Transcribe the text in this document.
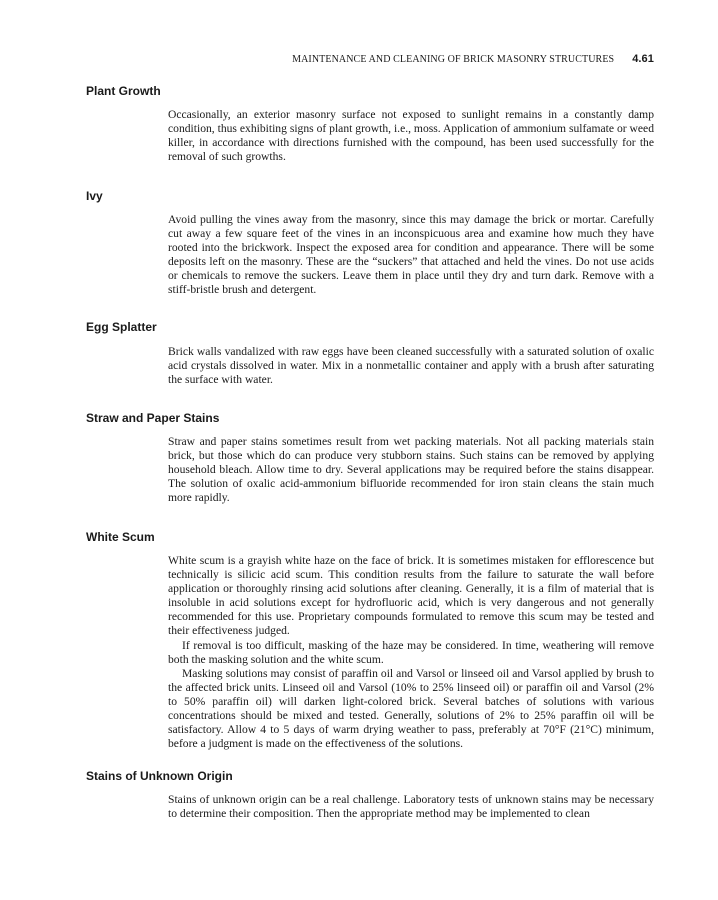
MAINTENANCE AND CLEANING OF BRICK MASONRY STRUCTURES 4.61
Plant Growth

Occasionally, an exterior masonry surface not exposed to sunlight remains in a constantly damp condition, thus exhibiting signs of plant growth, i.e., moss. Application of ammonium sulfamate or weed killer, in accordance with directions furnished with the compound, has been used successfully for the removal of such growths.

Ivy

Avoid pulling the vines away from the masonry, since this may damage the brick or mortar. Carefully cut away a few square feet of the vines in an inconspicuous area and examine how much they have rooted into the brickwork. Inspect the exposed area for condition and appearance. There will be some deposits left on the masonry. These are the “suckers” that attached and held the vines. Do not use acids or chemicals to remove the suckers. Leave them in place until they dry and turn dark. Remove with a stiff-bristle brush and detergent.

Egg Splatter

Brick walls vandalized with raw eggs have been cleaned successfully with a saturated solution of oxalic acid crystals dissolved in water. Mix in a nonmetallic container and apply with a brush after saturating the surface with water.

Straw and Paper Stains

Straw and paper stains sometimes result from wet packing materials. Not all packing materials stain brick, but those which do can produce very stubborn stains. Such stains can be removed by applying household bleach. Allow time to dry. Several applications may be required before the stains disappear. The solution of oxalic acid-ammonium bifluoride recommended for iron stain cleans the stain much more rapidly.

White Scum

White scum is a grayish white haze on the face of brick. It is sometimes mistaken for efflorescence but technically is silicic acid scum. This condition results from the failure to saturate the wall before application or thoroughly rinsing acid solutions after cleaning. Generally, it is a film of material that is insoluble in acid solutions except for hydrofluoric acid, which is very dangerous and not generally recommended for this use. Proprietary compounds formulated to remove this scum may be tested and their effectiveness judged.

If removal is too difficult, masking of the haze may be considered. In time, weathering will remove both the masking solution and the white scum.

Masking solutions may consist of paraffin oil and Varsol or linseed oil and Varsol applied by brush to the affected brick units. Linseed oil and Varsol (10% to 25% linseed oil) or paraffin oil and Varsol (2% to 50% paraffin oil) will darken light-colored brick. Several batches of solutions with various concentrations should be mixed and tested. Generally, solutions of 2% to 25% paraffin oil will be satisfactory. Allow 4 to 5 days of warm drying weather to pass, preferably at 70°F (21°C) minimum, before a judgment is made on the effectiveness of the solutions.

Stains of Unknown Origin

Stains of unknown origin can be a real challenge. Laboratory tests of unknown stains may be necessary to determine their composition. Then the appropriate method may be implemented to clean
